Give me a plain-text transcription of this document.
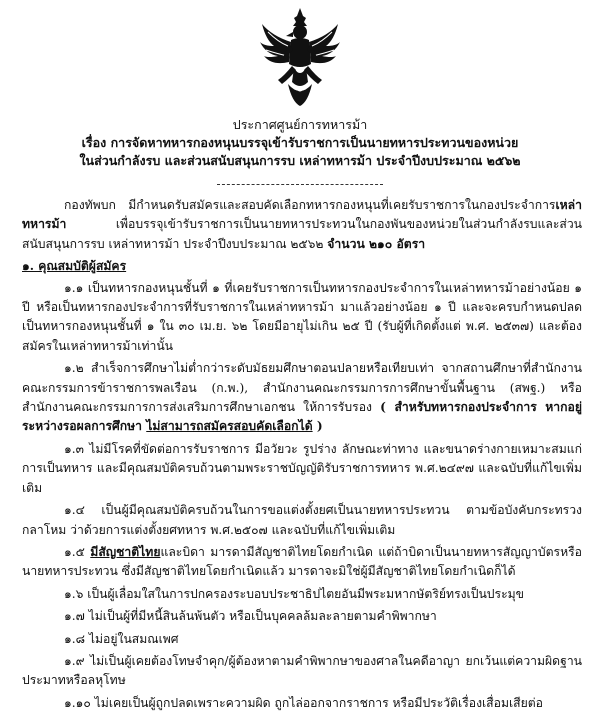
ประกาศศูนย์การทหารม้า
เรื่อง การจัดหาทหารกองหนุนบรรจุเข้ารับราชการเป็นนายทหารประทวนของหน่วย
ในส่วนกำลังรบ และส่วนสนับสนุนการรบ เหล่าทหารม้า ประจำปีงบประมาณ ๒๕๖๒

กองทัพบก มีกำหนดรับสมัครและสอบคัดเลือกทหารกองหนุนที่เคยรับราชการในกองประจำการเหล่าทหารม้า เพื่อบรรจุเข้ารับราชการเป็นนายทหารประทวนในกองพันของหน่วยในส่วนกำลังรบและส่วนสนับสนุนการรบ เหล่าทหารม้า ประจำปีงบประมาณ ๒๕๖๒ จำนวน ๒๑๐ อัตรา

๑. คุณสมบัติผู้สมัคร

๑.๑ เป็นทหารกองหนุนชั้นที่ ๑ ที่เคยรับราชการเป็นทหารกองประจำการในเหล่าทหารม้าอย่างน้อย ๑ ปี หรือเป็นทหารกองประจำการที่รับราชการในเหล่าทหารม้า มาแล้วอย่างน้อย ๑ ปี และจะครบกำหนดปลดเป็นทหารกองหนุนชั้นที่ ๑ ใน ๓๐ เม.ย. ๖๒ โดยมีอายุไม่เกิน ๒๕ ปี (รับผู้ที่เกิดตั้งแต่ พ.ศ. ๒๕๓๗) และต้องสมัครในเหล่าทหารม้าเท่านั้น

๑.๒ สำเร็จการศึกษาไม่ต่ำกว่าระดับมัธยมศึกษาตอนปลายหรือเทียบเท่า จากสถานศึกษาที่สำนักงานคณะกรรมการข้าราชการพลเรือน (ก.พ.), สำนักงานคณะกรรมการการศึกษาขั้นพื้นฐาน (สพฐ.) หรือ สำนักงานคณะกรรมการการส่งเสริมการศึกษาเอกชน ให้การรับรอง ( สำหรับทหารกองประจำการ หากอยู่ระหว่างรอผลการศึกษา ไม่สามารถสมัครสอบคัดเลือกได้ )

๑.๓ ไม่มีโรคที่ขัดต่อการรับราชการ มีอวัยวะ รูปร่าง ลักษณะท่าทาง และขนาดร่างกายเหมาะสมแก่การเป็นทหาร และมีคุณสมบัติครบถ้วนตามพระราชบัญญัติรับราชการทหาร พ.ศ.๒๔๙๗ และฉบับที่แก้ไขเพิ่มเติม

๑.๔ เป็นผู้มีคุณสมบัติครบถ้วนในการขอแต่งตั้งยศเป็นนายทหารประทวน ตามข้อบังคับกระทรวงกลาโหม ว่าด้วยการแต่งตั้งยศทหาร พ.ศ.๒๕๐๗ และฉบับที่แก้ไขเพิ่มเติม

๑.๕ มีสัญชาติไทยและบิดา มารดามีสัญชาติไทยโดยกำเนิด แต่ถ้าบิดาเป็นนายทหารสัญญาบัตรหรือนายทหารประทวน ซึ่งมีสัญชาติไทยโดยกำเนิดแล้ว มารดาจะมิใช่ผู้มีสัญชาติไทยโดยกำเนิดก็ได้

๑.๖ เป็นผู้เลื่อมใสในการปกครองระบอบประชาธิปไตยอันมีพระมหากษัตริย์ทรงเป็นประมุข

๑.๗ ไม่เป็นผู้ที่มีหนี้สินล้นพ้นตัว หรือเป็นบุคคลล้มละลายตามคำพิพากษา

๑.๘ ไม่อยู่ในสมณเพศ

๑.๙ ไม่เป็นผู้เคยต้องโทษจำคุก/ผู้ต้องหาตามคำพิพากษาของศาลในคดีอาญา ยกเว้นแต่ความผิดฐานประมาทหรือลหุโทษ

๑.๑๐ ไม่เคยเป็นผู้ถูกปลดเพราะความผิด ถูกไล่ออกจากราชการ หรือมีประวัติเรื่องเสื่อมเสียต่อ
